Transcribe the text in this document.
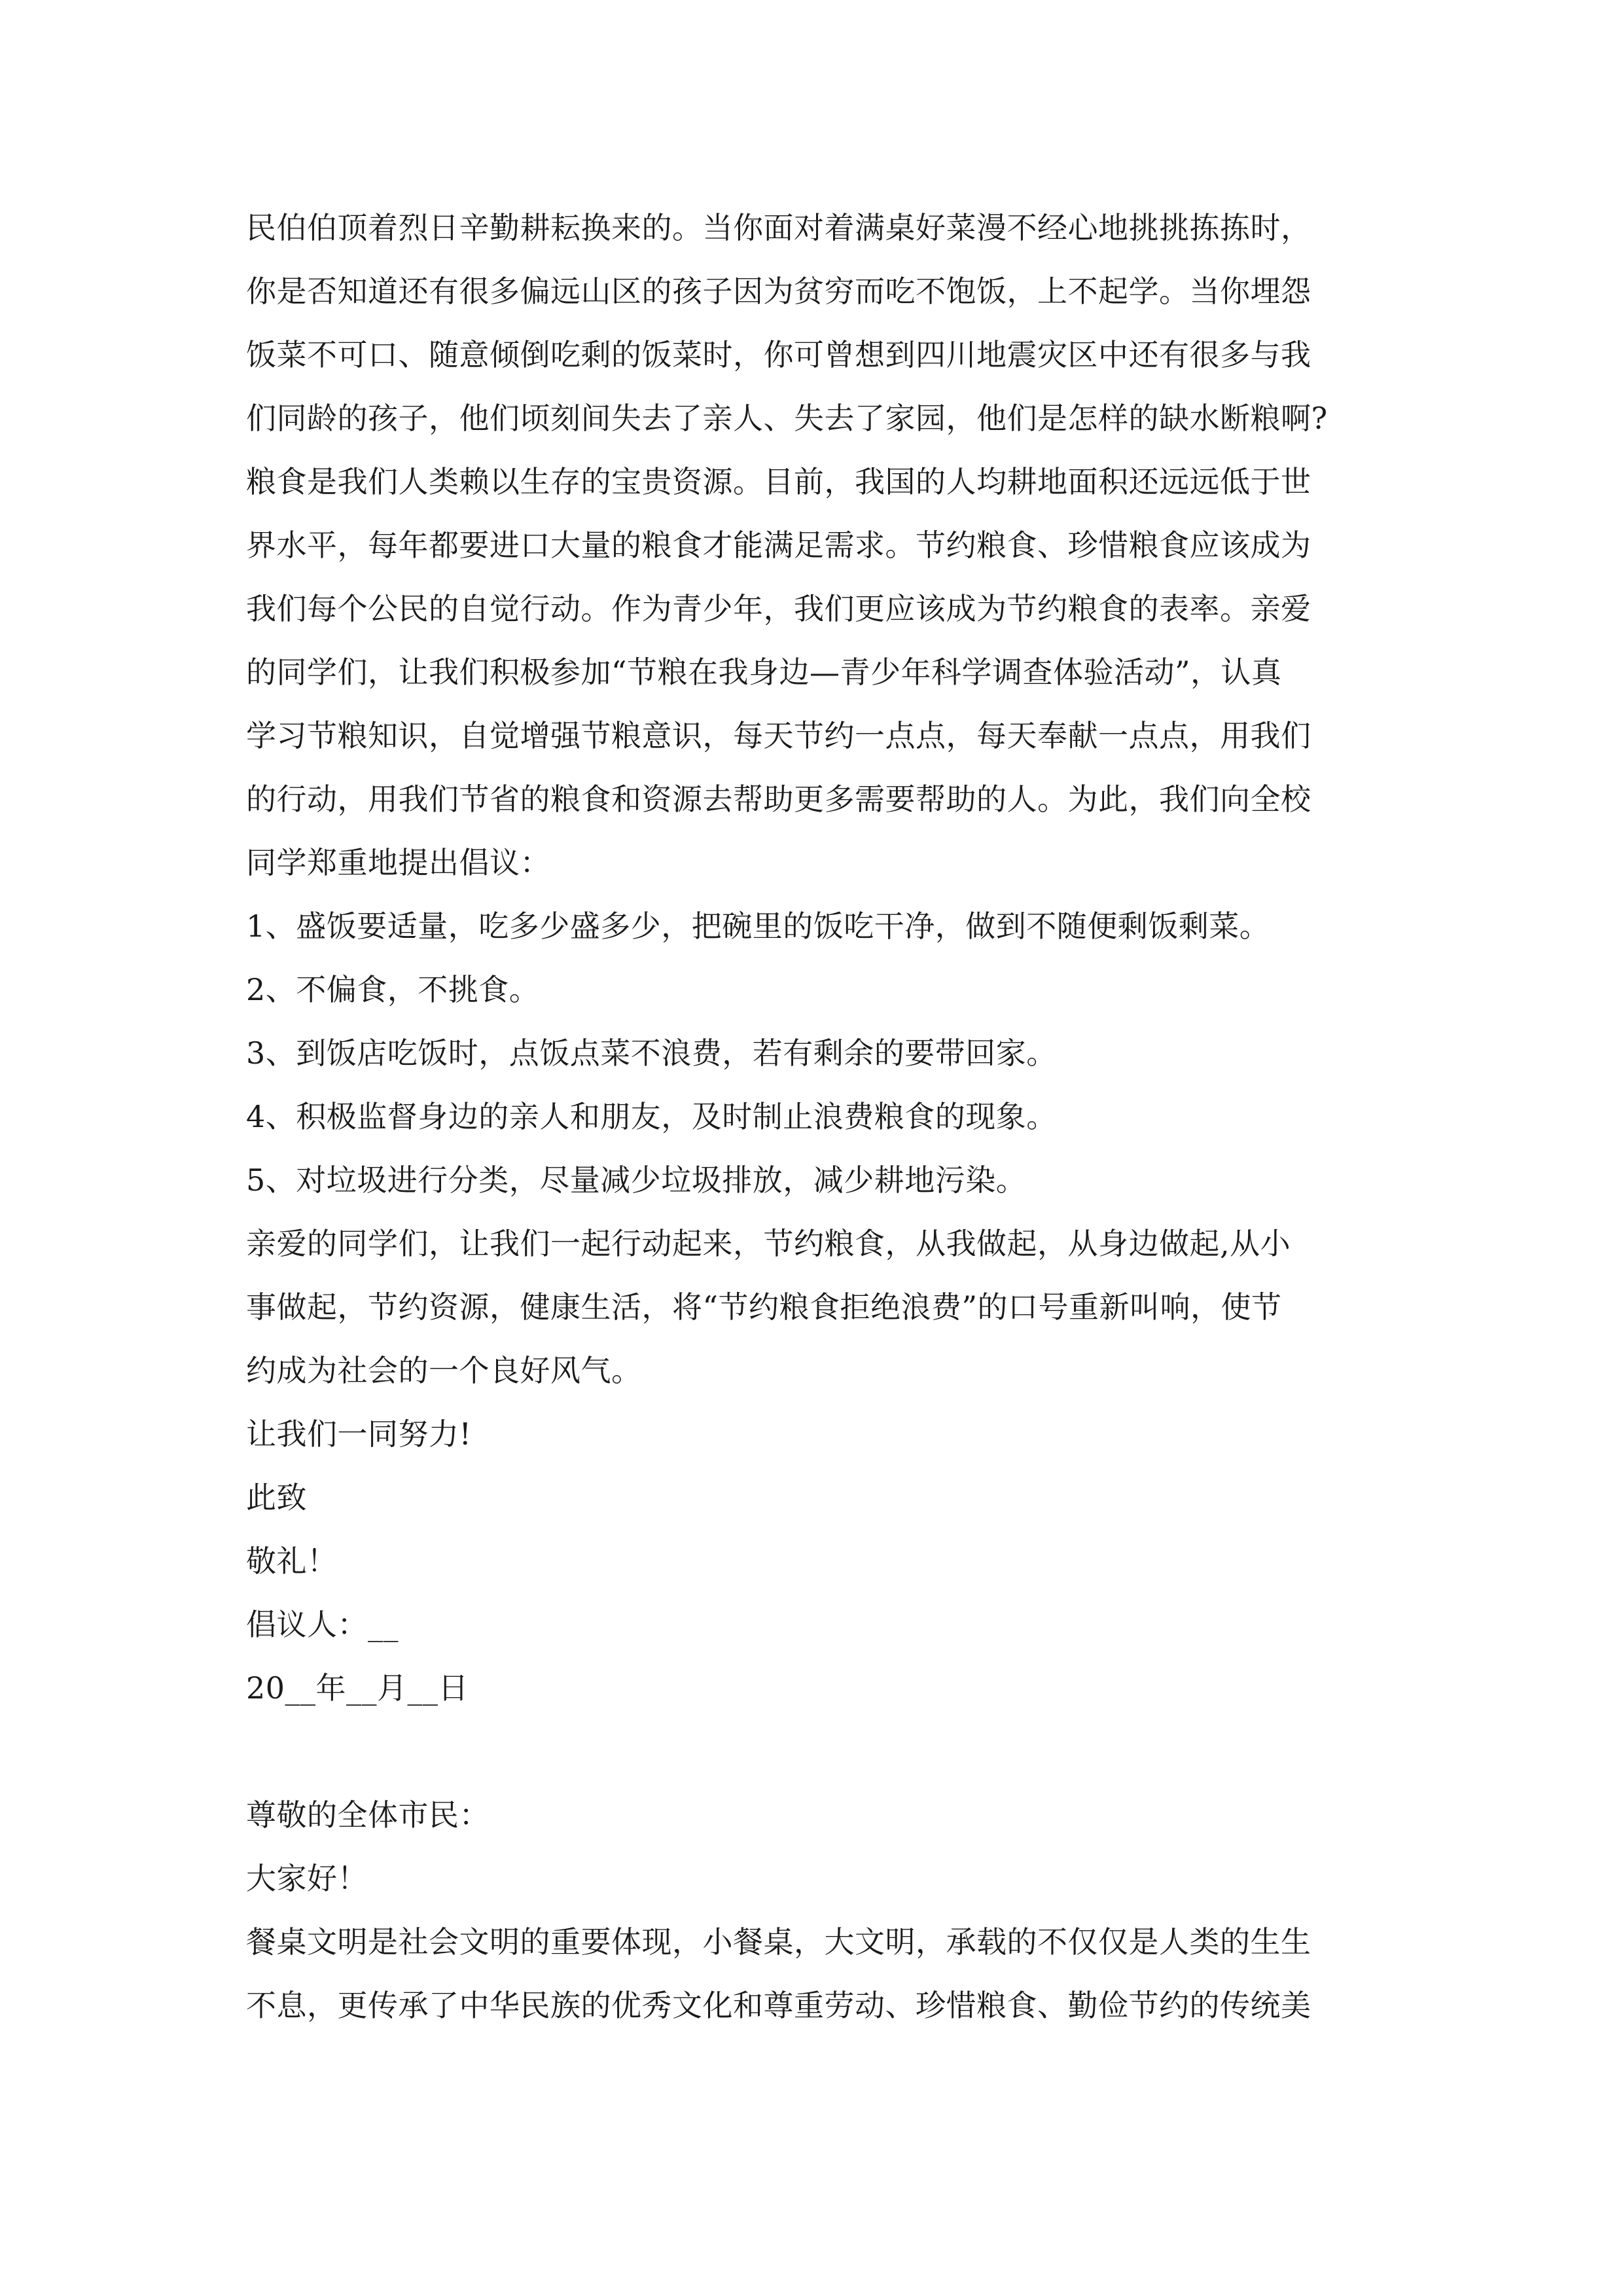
民伯伯顶着烈日辛勤耕耘换来的。当你面对着满桌好菜漫不经心地挑挑拣拣时，
你是否知道还有很多偏远山区的孩子因为贫穷而吃不饱饭，上不起学。当你埋怨
饭菜不可口、随意倾倒吃剩的饭菜时，你可曾想到四川地震灾区中还有很多与我
们同龄的孩子，他们顷刻间失去了亲人、失去了家园，他们是怎样的缺水断粮啊?
粮食是我们人类赖以生存的宝贵资源。目前，我国的人均耕地面积还远远低于世
界水平，每年都要进口大量的粮食才能满足需求。节约粮食、珍惜粮食应该成为
我们每个公民的自觉行动。作为青少年，我们更应该成为节约粮食的表率。亲爱
的同学们，让我们积极参加“节粮在我身边—青少年科学调查体验活动”，认真
学习节粮知识，自觉增强节粮意识，每天节约一点点，每天奉献一点点，用我们
的行动，用我们节省的粮食和资源去帮助更多需要帮助的人。为此，我们向全校
同学郑重地提出倡议：
1、盛饭要适量，吃多少盛多少，把碗里的饭吃干净，做到不随便剩饭剩菜。
2、不偏食，不挑食。
3、到饭店吃饭时，点饭点菜不浪费，若有剩余的要带回家。
4、积极监督身边的亲人和朋友，及时制止浪费粮食的现象。
5、对垃圾进行分类，尽量减少垃圾排放，减少耕地污染。
亲爱的同学们，让我们一起行动起来，节约粮食，从我做起，从身边做起,从小
事做起，节约资源，健康生活，将“节约粮食拒绝浪费”的口号重新叫响，使节
约成为社会的一个良好风气。
让我们一同努力!
此致
敬礼！
倡议人：__
20__年__月__日
尊敬的全体市民：
大家好！
餐桌文明是社会文明的重要体现，小餐桌，大文明，承载的不仅仅是人类的生生
不息，更传承了中华民族的优秀文化和尊重劳动、珍惜粮食、勤俭节约的传统美
